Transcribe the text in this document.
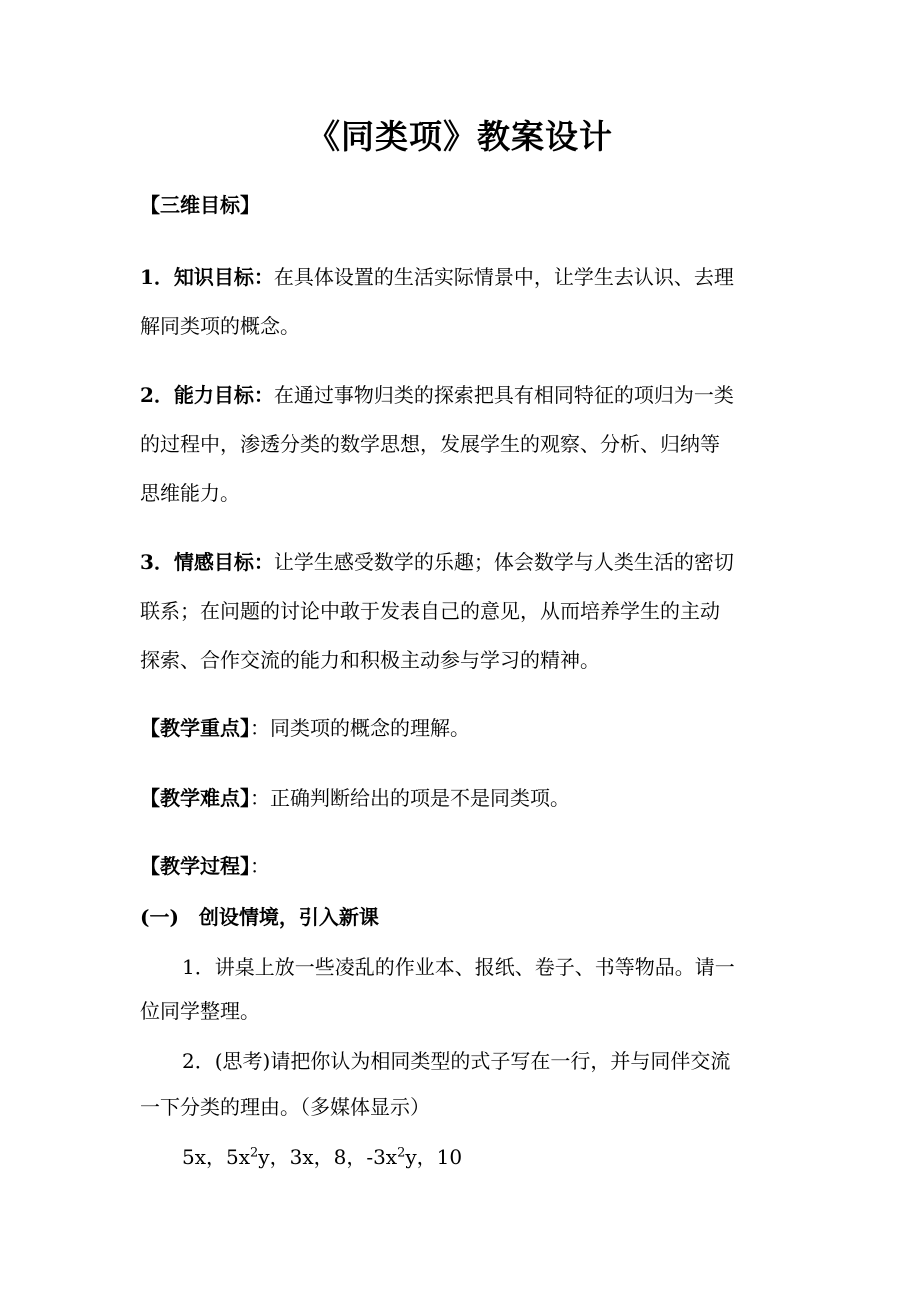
《同类项》教案设计
【三维目标】
1．知识目标：在具体设置的生活实际情景中，让学生去认识、去理
解同类项的概念。
2．能力目标：在通过事物归类的探索把具有相同特征的项归为一类
的过程中，渗透分类的数学思想，发展学生的观察、分析、归纳等
思维能力。
3．情感目标：让学生感受数学的乐趣；体会数学与人类生活的密切
联系；在问题的讨论中敢于发表自己的意见，从而培养学生的主动
探索、合作交流的能力和积极主动参与学习的精神。
【教学重点】：同类项的概念的理解。
【教学难点】：正确判断给出的项是不是同类项。
【教学过程】：
(一)　创设情境，引入新课
1．讲桌上放一些凌乱的作业本、报纸、卷子、书等物品。请一
位同学整理。
2．(思考)请把你认为相同类型的式子写在一行，并与同伴交流
一下分类的理由。（多媒体显示）
5x，$5x^2y$，3x，8，$-3x^2y$，10
